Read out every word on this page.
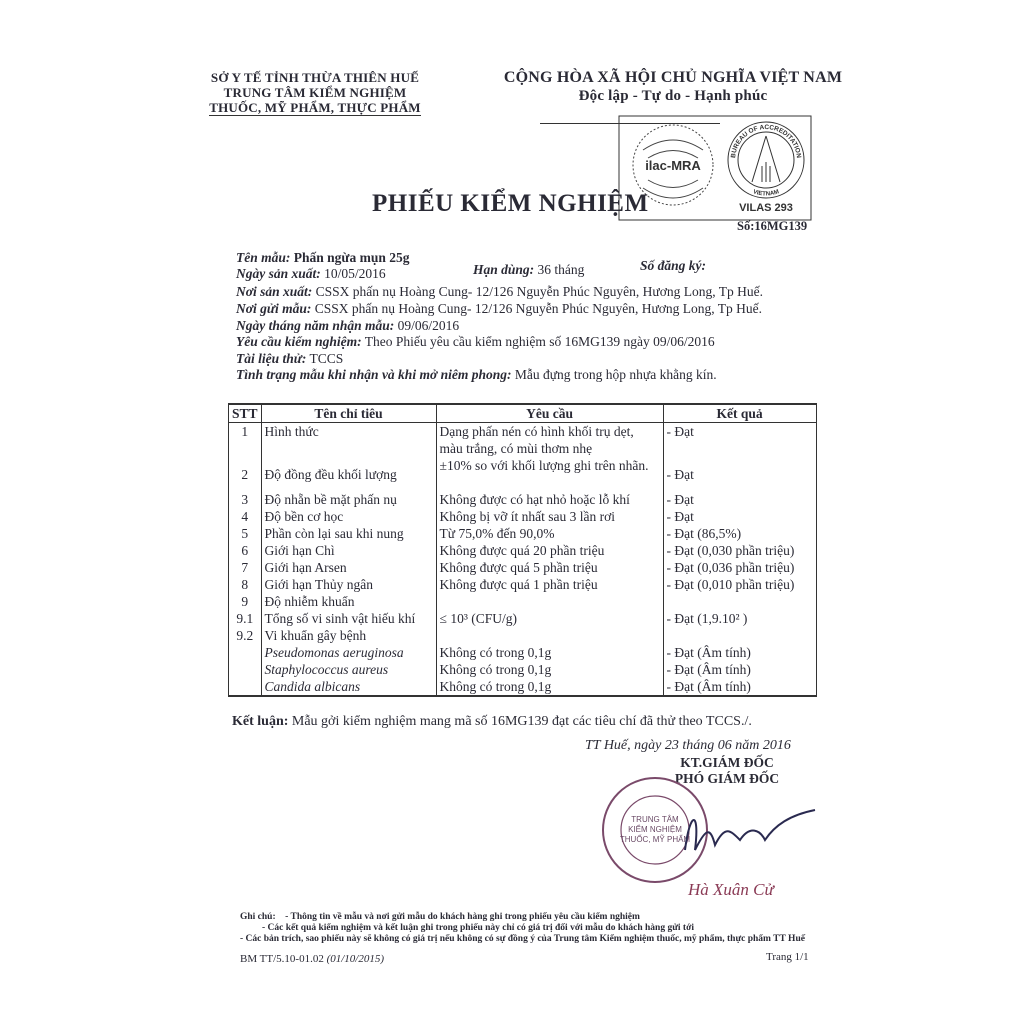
SỞ Y TẾ TỈNH THỪA THIÊN HUẾ
TRUNG TÂM KIỂM NGHIỆM
THUỐC, MỸ PHẨM, THỰC PHẨM
CỘNG HÒA XÃ HỘI CHỦ NGHĨA VIỆT NAM
Độc lập - Tự do - Hạnh phúc
ilac-MRA
BUREAU OF ACCREDITATION
VIETNAM
VILAS 293
PHIẾU KIỂM NGHIỆM
Số:16MG139
Tên mẫu: Phấn ngừa mụn 25g
Ngày sản xuất: 10/05/2016	Hạn dùng: 36 tháng	Số đăng ký:
Nơi sản xuất: CSSX phấn nụ Hoàng Cung- 12/126 Nguyễn Phúc Nguyên, Hương Long, Tp Huế.
Nơi gửi mẫu: CSSX phấn nụ Hoàng Cung- 12/126 Nguyễn Phúc Nguyên, Hương Long, Tp Huế.
Ngày tháng năm nhận mẫu: 09/06/2016
Yêu cầu kiểm nghiệm: Theo Phiếu yêu cầu kiểm nghiệm số 16MG139 ngày 09/06/2016
Tài liệu thử: TCCS
Tình trạng mẫu khi nhận và khi mở niêm phong: Mẫu đựng trong hộp nhựa khằng kín.
STT	Tên chỉ tiêu	Yêu cầu	Kết quả
1	Hình thức	Dạng phấn nén có hình khối trụ dẹt, màu trắng, có mùi thơm nhẹ	- Đạt
2	Độ đồng đều khối lượng	±10% so với khối lượng ghi trên nhãn.	- Đạt
3	Độ nhẵn bề mặt phấn nụ	Không được có hạt nhỏ hoặc lỗ khí	- Đạt
4	Độ bền cơ học	Không bị vỡ ít nhất sau 3 lần rơi	- Đạt
5	Phần còn lại sau khi nung	Từ 75,0% đến 90,0%	- Đạt (86,5%)
6	Giới hạn Chì	Không được quá 20 phần triệu	- Đạt (0,030 phần triệu)
7	Giới hạn Arsen	Không được quá 5 phần triệu	- Đạt (0,036 phần triệu)
8	Giới hạn Thủy ngân	Không được quá 1 phần triệu	- Đạt (0,010 phần triệu)
9	Độ nhiễm khuẩn		
9.1	Tổng số vi sinh vật hiếu khí	≤ 10³ (CFU/g)	- Đạt (1,9.10² )
9.2	Vi khuẩn gây bệnh		
	Pseudomonas aeruginosa	Không có trong 0,1g	- Đạt (Âm tính)
	Staphylococcus aureus	Không có trong 0,1g	- Đạt (Âm tính)
	Candida albicans	Không có trong 0,1g	- Đạt (Âm tính)
Kết luận: Mẫu gởi kiểm nghiệm mang mã số 16MG139 đạt các tiêu chí đã thử theo TCCS./.
TT Huế, ngày 23 tháng 06 năm 2016
KT.GIÁM ĐỐC
PHÓ GIÁM ĐỐC
TRUNG TÂM
KIỂM NGHIỆM
THUỐC, MỸ PHẨM
Hà Xuân Cử
Ghi chú: - Thông tin về mẫu và nơi gửi mẫu do khách hàng ghi trong phiếu yêu cầu kiểm nghiệm
- Các kết quả kiểm nghiệm và kết luận ghi trong phiếu này chỉ có giá trị đối với mẫu do khách hàng gửi tới
- Các bản trích, sao phiếu này sẽ không có giá trị nếu không có sự đồng ý của Trung tâm Kiểm nghiệm thuốc, mỹ phẩm, thực phẩm TT Huế
BM TT/5.10-01.02 (01/10/2015)	Trang 1/1
